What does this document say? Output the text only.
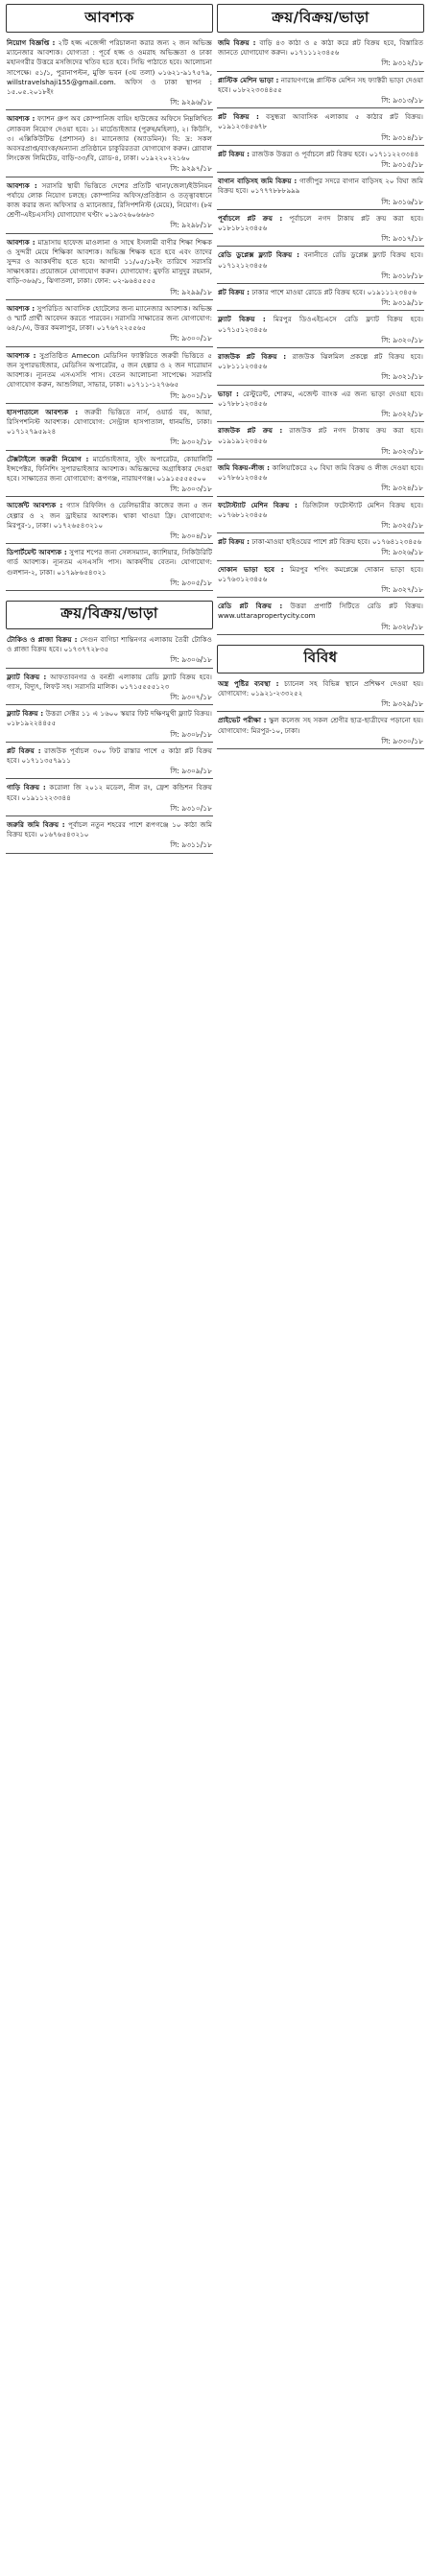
আবশ্যক
নিয়োগ বিজ্ঞপ্তি : ২টি হজ্জ এজেন্সী পরিচালনা করার জন্য ২ জন অভিজ্ঞ ম্যানেজার আবশ্যক। যোগ্যতা : পূর্বে হজ্জ ও ওমরাহ অভিজ্ঞতা ও ঢাকা মহানগরীর উত্তরে মসজিদের খতিব হতে হবে। সিভি পাঠাতে হবে। আলোচনা সাপেক্ষে। ৫১/১, পুরানাপল্টন, মুক্তি ভবন (৩য় তলা) ০১৬২১-৯১৭৫৭৯, willstravelshaji155@gmail.com. অফিস ও ঢাকা স্থাপন : ১৫.০৫.২০১৮ইং
সি: ৯২৯৬/১৮
আবশ্যক : ফ্যাশন গ্রুপ অব কোম্পানিজ বায়িং হাউজের অফিসে নিম্নলিখিত লোকবল নিয়োগ দেওয়া হবে। ১। মার্চেন্ডাইজার (পুরুষ/মহিলা), ২। কিউসি, ৩। এক্সিকিউটিভ (প্রশাসন) ৪। ম্যানেজার (অ্যাডমিন)। বি: দ্র: সকল অবসরপ্রাপ্ত/ব্যাংক/অন্যান্য প্রতিষ্ঠানে চাকুরিরতরা যোগাযোগ করুন। গ্লোবাল লিংকেজ লিমিটেড, বাড়ি-৩৩/বি, রোড-৪, ঢাকা। ০১৯২২০২২১৬০
সি: ৯২৯৭/১৮
আবশ্যক : সরাসরি স্থায়ী ভিত্তিতে দেশের প্রতিটি থানা/জেলা/ইউনিয়ন পর্যায়ে লোক নিয়োগ চলছে। কোম্পানির অফিস/প্রতিষ্ঠান ও তত্ত্বাবধানে কাজ করার জন্য অফিসার ও ম্যানেজার, রিসিপশনিস্ট (মেয়ে), নিয়োগ। (৮ম শ্রেণী-এইচএসসি) যোগাযোগ ঘণ্টাং ০১৯৩২৬০৬৬৬৩
সি: ৯২৯৮/১৮
আবশ্যক : মাদ্রাসায় হাফেজ মাওলানা ও সাথে ইসলামী বাণীর শিক্ষা শিক্ষক ও সুন্দরী মেয়ে শিক্ষিকা আবশ্যক। অভিজ্ঞ শিক্ষক হতে হবে এবং তাদের সুন্দর ও আকর্ষণীয় হতে হবে। আগামী ১১/০৫/১৮ইং তারিখে সরাসরি সাক্ষাৎকার। প্রয়োজনে যোগাযোগ করুন। যোগাযোগ: মুফতি মাসুদুর রহমান, বাড়ি-৩৬৬/১, ঝিগাতলা, ঢাকা। ফোন: ০২-৯৬৪৫৫৫৫
সি: ৯২৯৯/১৮
আবশ্যক : সুপরিচিত আবাসিক হোটেলের জন্য ম্যানেজার আবশ্যক। অভিজ্ঞ ও স্মার্ট প্রার্থী আবেদন করতে পারবেন। সরাসরি সাক্ষাতের জন্য যোগাযোগ: ৬৪/১/এ, উত্তর কমলাপুর, ঢাকা। ০১৭৬৭২২৫৫৬৫
সি: ৯৩০০/১৮
আবশ্যক : সুপ্রতিষ্ঠিত Amecon মেডিসিন ফ্যাক্টরিতে জরুরী ভিত্তিতে ৫ জন সুপারভাইজার, মেডিসিন অপারেটর, ৫ জন হেল্পার ও ২ জন দারোয়ান আবশ্যক। ন্যূনতম এসএসসি পাস। বেতন আলোচনা সাপেক্ষে। সরাসরি যোগাযোগ করুন, আশুলিয়া, সাভার, ঢাকা। ০১৭১১-১২৭৬৬৫
সি: ৯৩০১/১৮
হাসপাতালে আবশ্যক : জরুরী ভিত্তিতে নার্স, ওয়ার্ড বয়, আয়া, রিসিপশনিস্ট আবশ্যক। যোগাযোগ: সেন্ট্রাল হাসপাতাল, ধানমন্ডি, ঢাকা। ০১৭১২৭৯৫৯২৪
সি: ৯৩০২/১৮
টেক্সটাইলে জরুরী নিয়োগ : মার্চেন্ডাইজার, সুইং অপারেটর, কোয়ালিটি ইন্সপেক্টর, ফিনিশিং সুপারভাইজার আবশ্যক। অভিজ্ঞদের অগ্রাধিকার দেওয়া হবে। সাক্ষাতের জন্য যোগাযোগ: রূপগঞ্জ, নারায়ণগঞ্জ। ০১৯১৫৫৫৫৫০০
সি: ৯৩০৩/১৮
আর্জেন্ট আবশ্যক : গ্যাস রিফিলিং ও ডেলিভারীর কাজের জন্য ৫ জন হেল্পার ও ২ জন ড্রাইভার আবশ্যক। থাকা খাওয়া ফ্রি। যোগাযোগ: মিরপুর-১, ঢাকা। ০১৭২৬৫৪৩২১০
সি: ৯৩০৪/১৮
ডিপার্টমেন্ট আবশ্যক : সুপার শপের জন্য সেলসম্যান, ক্যাশিয়ার, সিকিউরিটি গার্ড আবশ্যক। ন্যূনতম এসএসসি পাস। আকর্ষণীয় বেতন। যোগাযোগ: গুলশান-২, ঢাকা। ০১৭৯৮৬৫৪৩২১
সি: ৯৩০৫/১৮
ক্রয়/বিক্রয়/ভাড়া
টোকিও ও প্লাজা বিক্রয় : সেগুন বাগিচা শান্তিনগর এলাকায় তৈরী টোকিও ও প্লাজা বিক্রয় হবে। ০১৭৩৭৭২৮৩৫
সি: ৯৩০৬/১৮
ফ্ল্যাট বিক্রয় : আফতাবনগর ও বনশ্রী এলাকায় রেডি ফ্ল্যাট বিক্রয় হবে। গ্যাস, বিদ্যুৎ, লিফট সহ। সরাসরি মালিক। ০১৭১৫৫৫৫১২৩
সি: ৯৩০৭/১৮
ফ্ল্যাট বিক্রয় : উত্তরা সেক্টর ১১ এ ১৬০০ স্কয়ার ফিট দক্ষিণমুখী ফ্ল্যাট বিক্রয়। ০১৮১৯২২৪৪৫৫
সি: ৯৩০৮/১৮
প্লট বিক্রয় : রাজউক পূর্বাচল ৩০০ ফিট রাস্তার পাশে ৫ কাঠা প্লট বিক্রয় হবে। ০১৭১১৩৫৭৯১১
সি: ৯৩০৯/১৮
গাড়ি বিক্রয় : করোলা জি ২০১২ মডেল, নীল রং, ফ্রেশ কন্ডিশন বিক্রয় হবে। ০১৯১১২২৩৩৪৪
সি: ৯৩১০/১৮
জরুরি জমি বিক্রয় : পূর্বাচল নতুন শহরের পাশে রূপগঞ্জে ১০ কাঠা জমি বিক্রয় হবে। ০১৬৭৬৫৪৩২১০
সি: ৯৩১১/১৮
ক্রয়/বিক্রয়/ভাড়া
জমি বিক্রয় : বাড়ি ৪৩ কাঠা ও ৫ কাঠা করে প্লট বিক্রয় হবে, বিস্তারিত জানতে যোগাযোগ করুন। ০১৭১১১২৩৪৫৬
সি: ৯৩১২/১৮
প্লাস্টিক মেশিন ভাড়া : নারায়ণগঞ্জে প্লাস্টিক মেশিন সহ ফ্যাক্টরী ভাড়া দেওয়া হবে। ০১৮২২৩৩৪৪৫৫
সি: ৯৩১৩/১৮
প্লট বিক্রয় : বসুন্ধরা আবাসিক এলাকায় ৫ কাঠার প্লট বিক্রয়। ০১৯১২৩৪৫৬৭৮
সি: ৯৩১৪/১৮
প্লট বিক্রয় : রাজউক উত্তরা ও পূর্বাচলে প্লট বিক্রয় হবে। ০১৭১১২২৩৩৪৪
সি: ৯৩১৫/১৮
বাগান বাড়িসহ জমি বিক্রয় : গাজীপুর সদরে বাগান বাড়িসহ ২০ বিঘা জমি বিক্রয় হবে। ০১৭৭৭৮৮৮৯৯৯
সি: ৯৩১৬/১৮
পূর্বাচলে প্লট ক্রয় : পূর্বাচলে নগদ টাকায় প্লট ক্রয় করা হবে। ০১৮১৮১২৩৪৫৬
সি: ৯৩১৭/১৮
রেডি ডুপ্লেক্স ফ্ল্যাট বিক্রয় : বনানীতে রেডি ডুপ্লেক্স ফ্ল্যাট বিক্রয় হবে। ০১৭১২১২৩৪৫৬
সি: ৯৩১৮/১৮
প্লট বিক্রয় : ঢাকার পাশে মাওয়া রোডে প্লট বিক্রয় হবে। ০১৯১১১২৩৪৫৬
সি: ৯৩১৯/১৮
ফ্ল্যাট বিক্রয় : মিরপুর ডিওএইচএসে রেডি ফ্ল্যাট বিক্রয় হবে। ০১৭১৫১২৩৪৫৬
সি: ৯৩২০/১৮
রাজউক প্লট বিক্রয় : রাজউক ঝিলমিল প্রকল্পে প্লট বিক্রয় হবে। ০১৮১১১২৩৪৫৬
সি: ৯৩২১/১৮
ভাড়া : রেস্টুরেন্ট, শোরুম, এজেন্ট ব্যাংক এর জন্য ভাড়া দেওয়া হবে। ০১৭৮৮১২৩৪৫৬
সি: ৯৩২২/১৮
রাজউক প্লট ক্রয় : রাজউক প্লট নগদ টাকায় ক্রয় করা হবে। ০১৯১৯১২৩৪৫৬
সি: ৯৩২৩/১৮
জমি বিক্রয়-লীজ : কালিয়াকৈরে ২০ বিঘা জমি বিক্রয় ও লীজ দেওয়া হবে। ০১৭৮৬১২৩৪৫৬
সি: ৯৩২৪/১৮
ফটোস্ট্যাট মেশিন বিক্রয় : ডিজিটাল ফটোস্ট্যাট মেশিন বিক্রয় হবে। ০১৭৬৮১২৩৪৫৬
সি: ৯৩২৫/১৮
প্লট বিক্রয় : ঢাকা-মাওয়া হাইওয়ের পাশে প্লট বিক্রয় হবে। ০১৭৬৪১২৩৪৫৬
সি: ৯৩২৬/১৮
দোকান ভাড়া হবে : মিরপুর শপিং কমপ্লেক্সে দোকান ভাড়া হবে। ০১৭৬৩১২৩৪৫৬
সি: ৯৩২৭/১৮
রেডি প্লট বিক্রয় : উত্তরা প্রপার্টি সিটিতে রেডি প্লট বিক্রয়। www.uttarapropertycity.com
সি: ৯৩২৮/১৮
বিবিধ
অস্ত্র পুষ্টির ব্যবস্থা : চ্যানেল সহ বিভিন্ন স্থানে প্রশিক্ষণ দেওয়া হয়। যোগাযোগ: ০১৯২১-২৩৩২৫২
সি: ৯৩২৯/১৮
প্রাইভেট পরীক্ষা : স্কুল কলেজ সহ সকল শ্রেণীর ছাত্র-ছাত্রীদের পড়ানো হয়। যোগাযোগ: মিরপুর-১০, ঢাকা।
সি: ৯৩৩০/১৮
